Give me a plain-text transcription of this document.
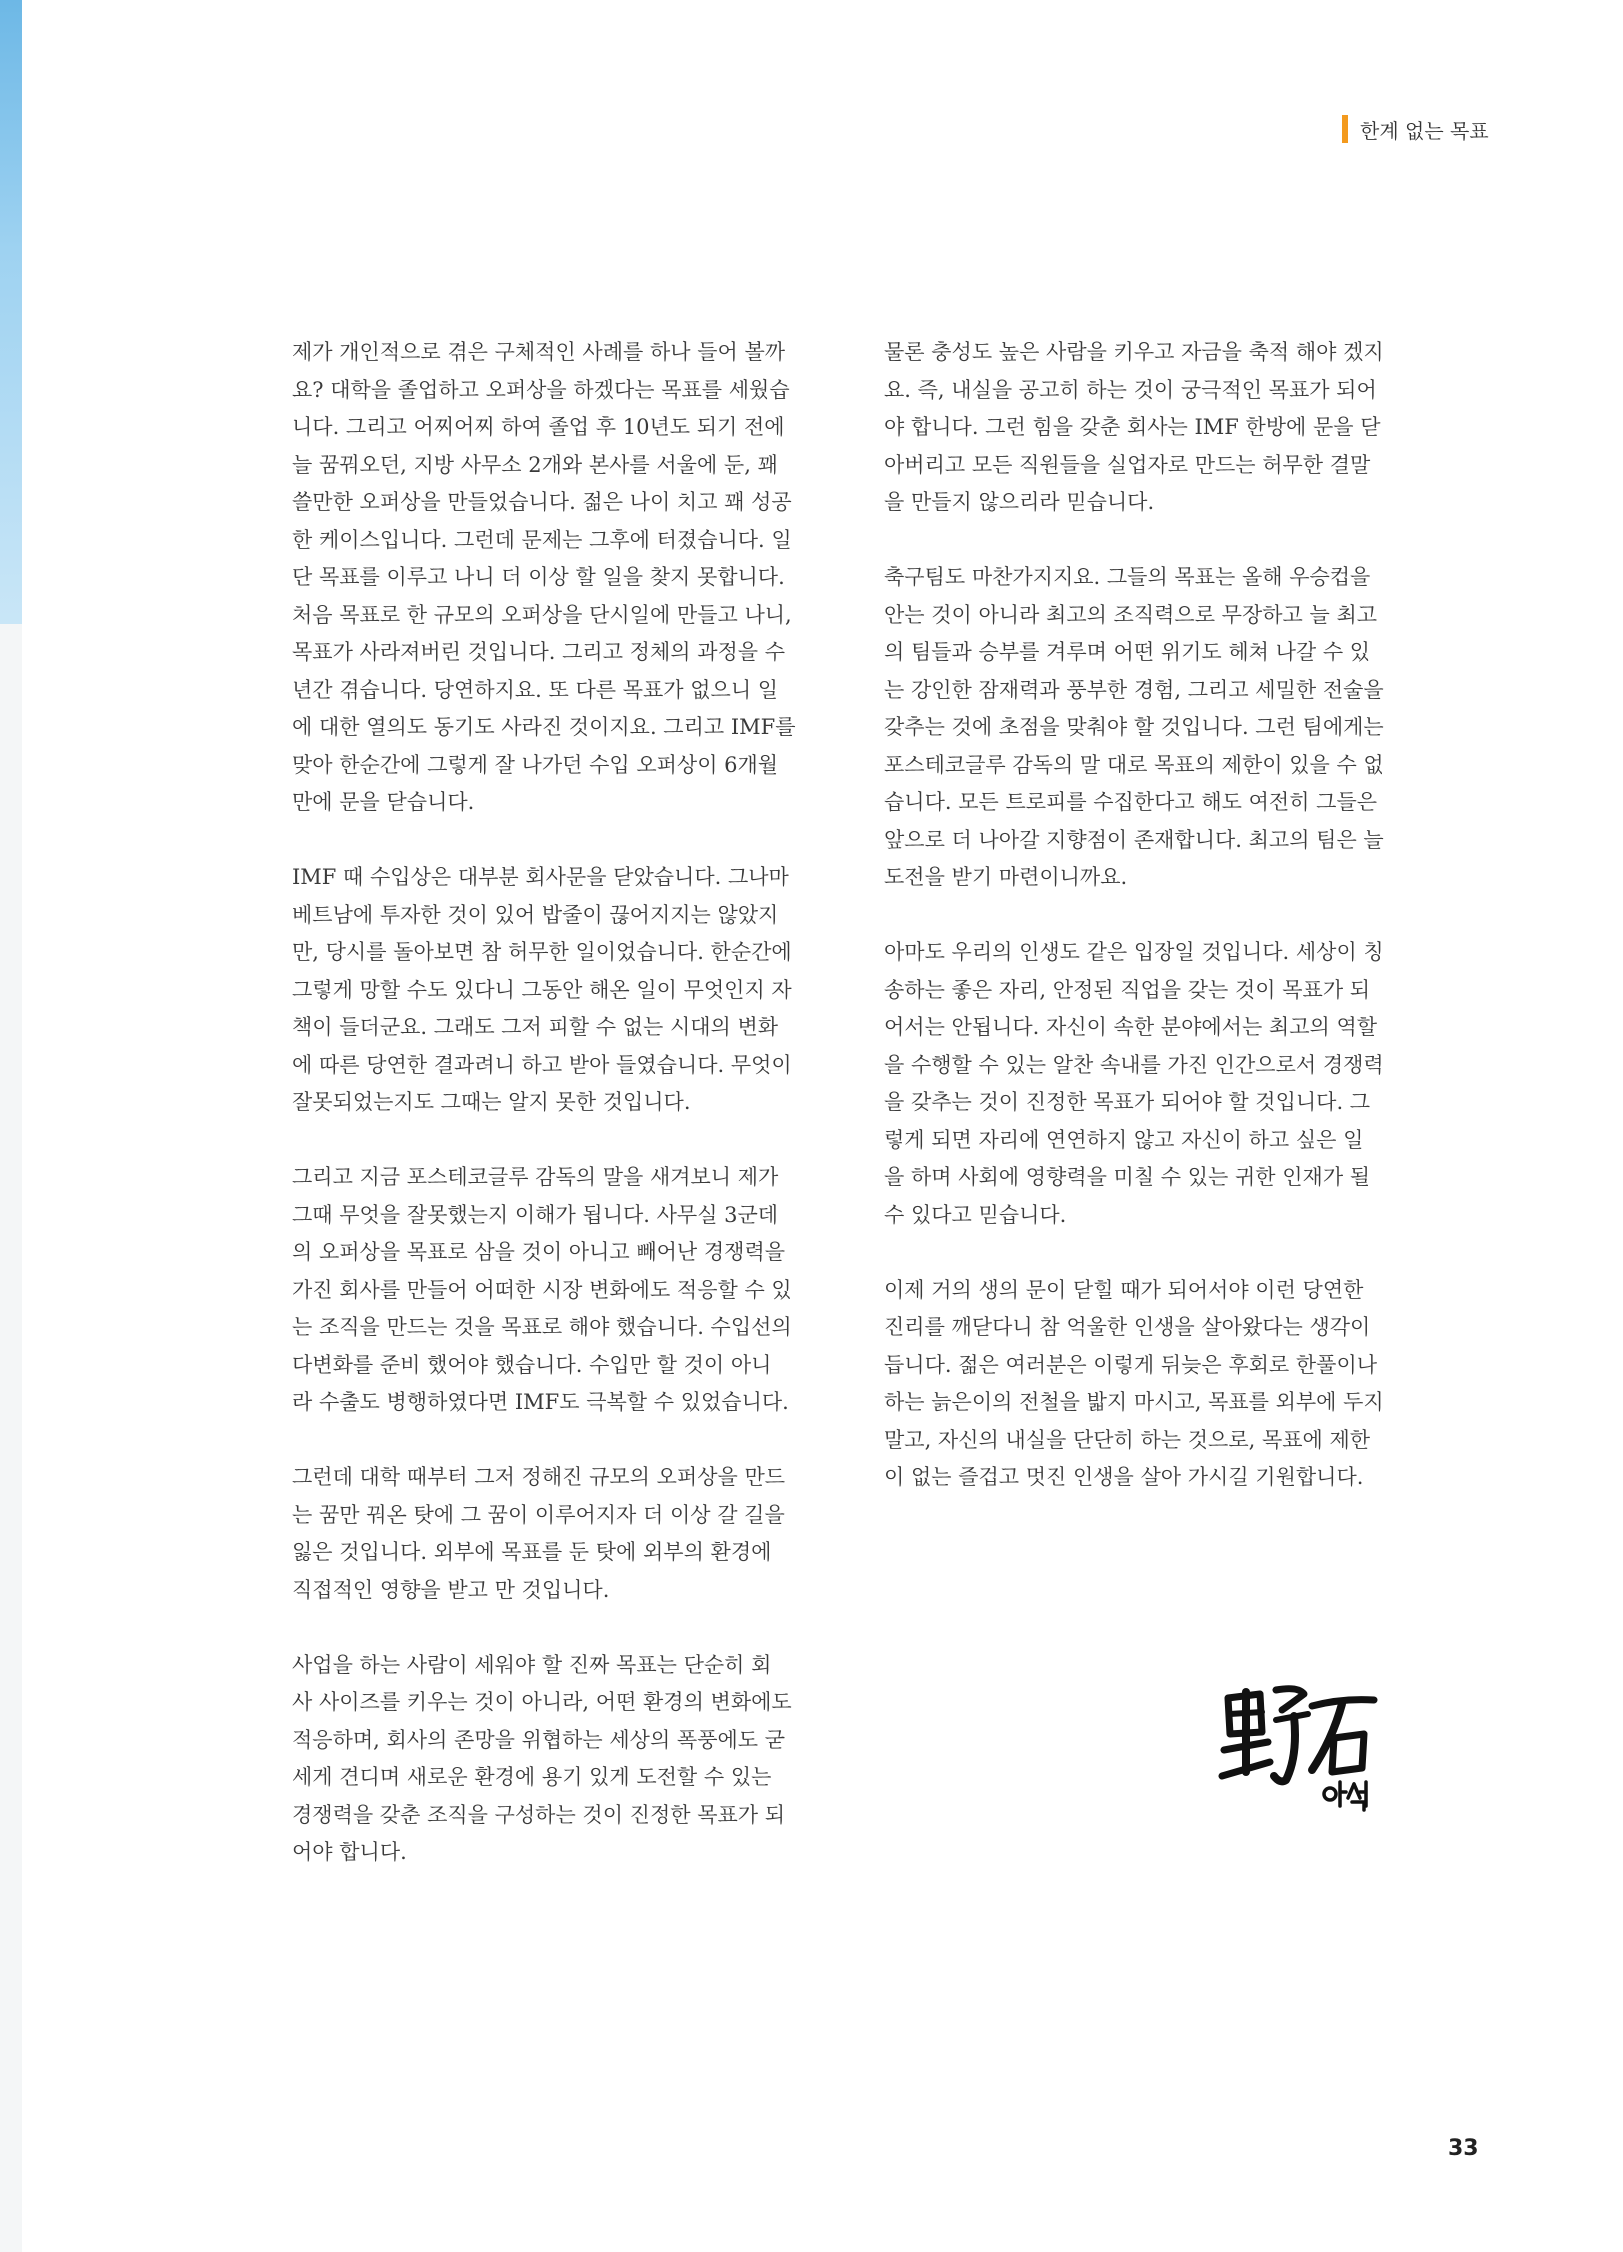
한계 없는 목표
제가 개인적으로 겪은 구체적인 사례를 하나 들어 볼까
요? 대학을 졸업하고 오퍼상을 하겠다는 목표를 세웠습
니다. 그리고 어찌어찌 하여 졸업 후 10년도 되기 전에
늘 꿈꿔오던, 지방 사무소 2개와 본사를 서울에 둔, 꽤
쓸만한 오퍼상을 만들었습니다. 젊은 나이 치고 꽤 성공
한 케이스입니다. 그런데 문제는 그후에 터졌습니다. 일
단 목표를 이루고 나니 더 이상 할 일을 찾지 못합니다.
처음 목표로 한 규모의 오퍼상을 단시일에 만들고 나니,
목표가 사라져버린 것입니다. 그리고 정체의 과정을 수
년간 겪습니다. 당연하지요. 또 다른 목표가 없으니 일
에 대한 열의도 동기도 사라진 것이지요. 그리고 IMF를
맞아 한순간에 그렇게 잘 나가던 수입 오퍼상이 6개월
만에 문을 닫습니다.
IMF 때 수입상은 대부분 회사문을 닫았습니다. 그나마
베트남에 투자한 것이 있어 밥줄이 끊어지지는 않았지
만, 당시를 돌아보면 참 허무한 일이었습니다. 한순간에
그렇게 망할 수도 있다니 그동안 해온 일이 무엇인지 자
책이 들더군요. 그래도 그저 피할 수 없는 시대의 변화
에 따른 당연한 결과려니 하고 받아 들였습니다. 무엇이
잘못되었는지도 그때는 알지 못한 것입니다.
그리고 지금 포스테코글루 감독의 말을 새겨보니 제가
그때 무엇을 잘못했는지 이해가 됩니다. 사무실 3군데
의 오퍼상을 목표로 삼을 것이 아니고 빼어난 경쟁력을
가진 회사를 만들어 어떠한 시장 변화에도 적응할 수 있
는 조직을 만드는 것을 목표로 해야 했습니다. 수입선의
다변화를 준비 했어야 했습니다. 수입만 할 것이 아니
라 수출도 병행하였다면 IMF도 극복할 수 있었습니다.
그런데 대학 때부터 그저 정해진 규모의 오퍼상을 만드
는 꿈만 꿔온 탓에 그 꿈이 이루어지자 더 이상 갈 길을
잃은 것입니다. 외부에 목표를 둔 탓에 외부의 환경에
직접적인 영향을 받고 만 것입니다.
사업을 하는 사람이 세워야 할 진짜 목표는 단순히 회
사 사이즈를 키우는 것이 아니라, 어떤 환경의 변화에도
적응하며, 회사의 존망을 위협하는 세상의 폭풍에도 굳
세게 견디며 새로운 환경에 용기 있게 도전할 수 있는
경쟁력을 갖춘 조직을 구성하는 것이 진정한 목표가 되
어야 합니다.
물론 충성도 높은 사람을 키우고 자금을 축적 해야 겠지
요. 즉, 내실을 공고히 하는 것이 궁극적인 목표가 되어
야 합니다. 그런 힘을 갖춘 회사는 IMF 한방에 문을 닫
아버리고 모든 직원들을 실업자로 만드는 허무한 결말
을 만들지 않으리라 믿습니다.
축구팀도 마찬가지지요. 그들의 목표는 올해 우승컵을
안는 것이 아니라 최고의 조직력으로 무장하고 늘 최고
의 팀들과 승부를 겨루며 어떤 위기도 헤쳐 나갈 수 있
는 강인한 잠재력과 풍부한 경험, 그리고 세밀한 전술을
갖추는 것에 초점을 맞춰야 할 것입니다. 그런 팀에게는
포스테코글루 감독의 말 대로 목표의 제한이 있을 수 없
습니다. 모든 트로피를 수집한다고 해도 여전히 그들은
앞으로 더 나아갈 지향점이 존재합니다. 최고의 팀은 늘
도전을 받기 마련이니까요.
아마도 우리의 인생도 같은 입장일 것입니다. 세상이 칭
송하는 좋은 자리, 안정된 직업을 갖는 것이 목표가 되
어서는 안됩니다. 자신이 속한 분야에서는 최고의 역할
을 수행할 수 있는 알찬 속내를 가진 인간으로서 경쟁력
을 갖추는 것이 진정한 목표가 되어야 할 것입니다. 그
렇게 되면 자리에 연연하지 않고 자신이 하고 싶은 일
을 하며 사회에 영향력을 미칠 수 있는 귀한 인재가 될
수 있다고 믿습니다.
이제 거의 생의 문이 닫힐 때가 되어서야 이런 당연한
진리를 깨닫다니 참 억울한 인생을 살아왔다는 생각이
듭니다. 젊은 여러분은 이렇게 뒤늦은 후회로 한풀이나
하는 늙은이의 전철을 밟지 마시고, 목표를 외부에 두지
말고, 자신의 내실을 단단히 하는 것으로, 목표에 제한
이 없는 즐겁고 멋진 인생을 살아 가시길 기원합니다.
33
